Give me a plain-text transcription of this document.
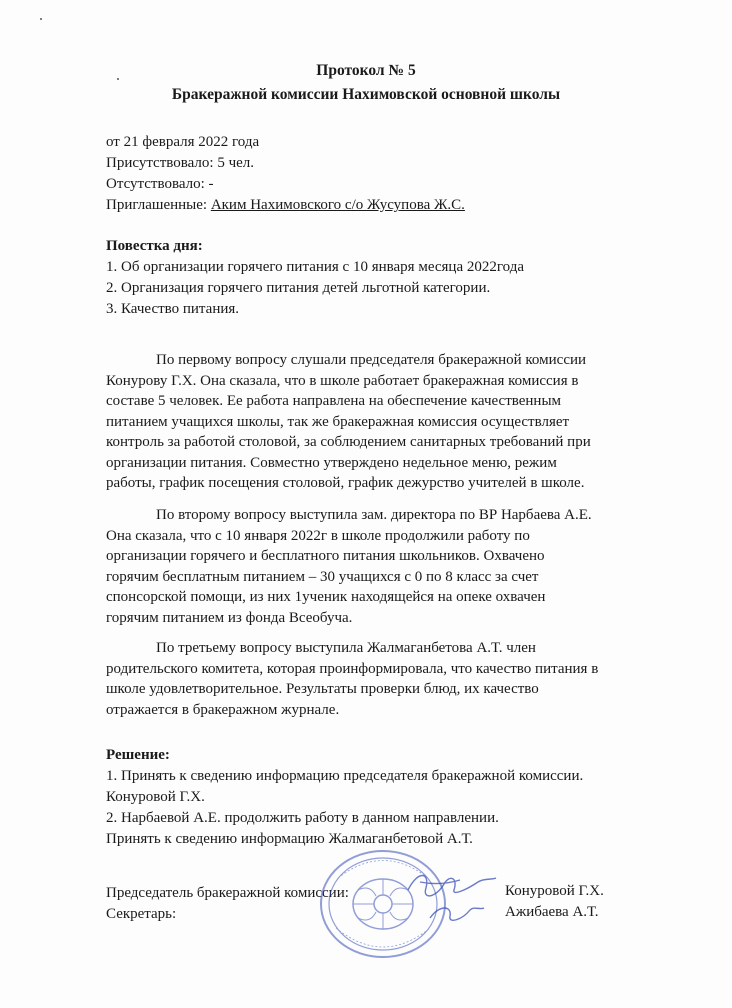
Протокол № 5
Бракеражной комиссии Нахимовской основной школы
от 21 февраля 2022 года
Присутствовало: 5 чел.
Отсутствовало: -
Приглашенные: Аким Нахимовского с/о Жусупова Ж.С.
Повестка дня:
1. Об организации горячего питания с 10 января месяца 2022года
2. Организация горячего питания детей льготной категории.
3. Качество питания.
По первому вопросу слушали председателя бракеражной комиссии
Конурову Г.Х. Она сказала, что в школе работает бракеражная комиссия в
составе 5 человек. Ее работа направлена на обеспечение качественным
питанием учащихся школы, так же бракеражная комиссия осуществляет
контроль за работой столовой, за соблюдением санитарных требований при
организации питания. Совместно утверждено недельное меню, режим
работы, график посещения столовой, график дежурство учителей в школе.
По второму вопросу выступила зам. директора по ВР Нарбаева А.Е.
Она сказала, что с 10 января 2022г в школе продолжили работу по
организации горячего и бесплатного питания школьников. Охвачено
горячим бесплатным питанием – 30 учащихся с 0 по 8 класс за счет
спонсорской помощи, из них 1ученик находящейся на опеке охвачен
горячим питанием из фонда Всеобуча.
По третьему вопросу выступила Жалмаганбетова А.Т. член
родительского комитета, которая проинформировала, что качество питания в
школе удовлетворительное. Результаты проверки блюд, их качество
отражается в бракеражном журнале.
Решение:
1. Принять к сведению информацию председателя бракеражной комиссии.
Конуровой Г.Х.
2. Нарбаевой А.Е. продолжить работу в данном направлении.
Принять к сведению информацию Жалмаганбетовой А.Т.
Председатель бракеражной комиссии:
Секретарь:
Конуровой Г.Х.
Ажибаева А.Т.
